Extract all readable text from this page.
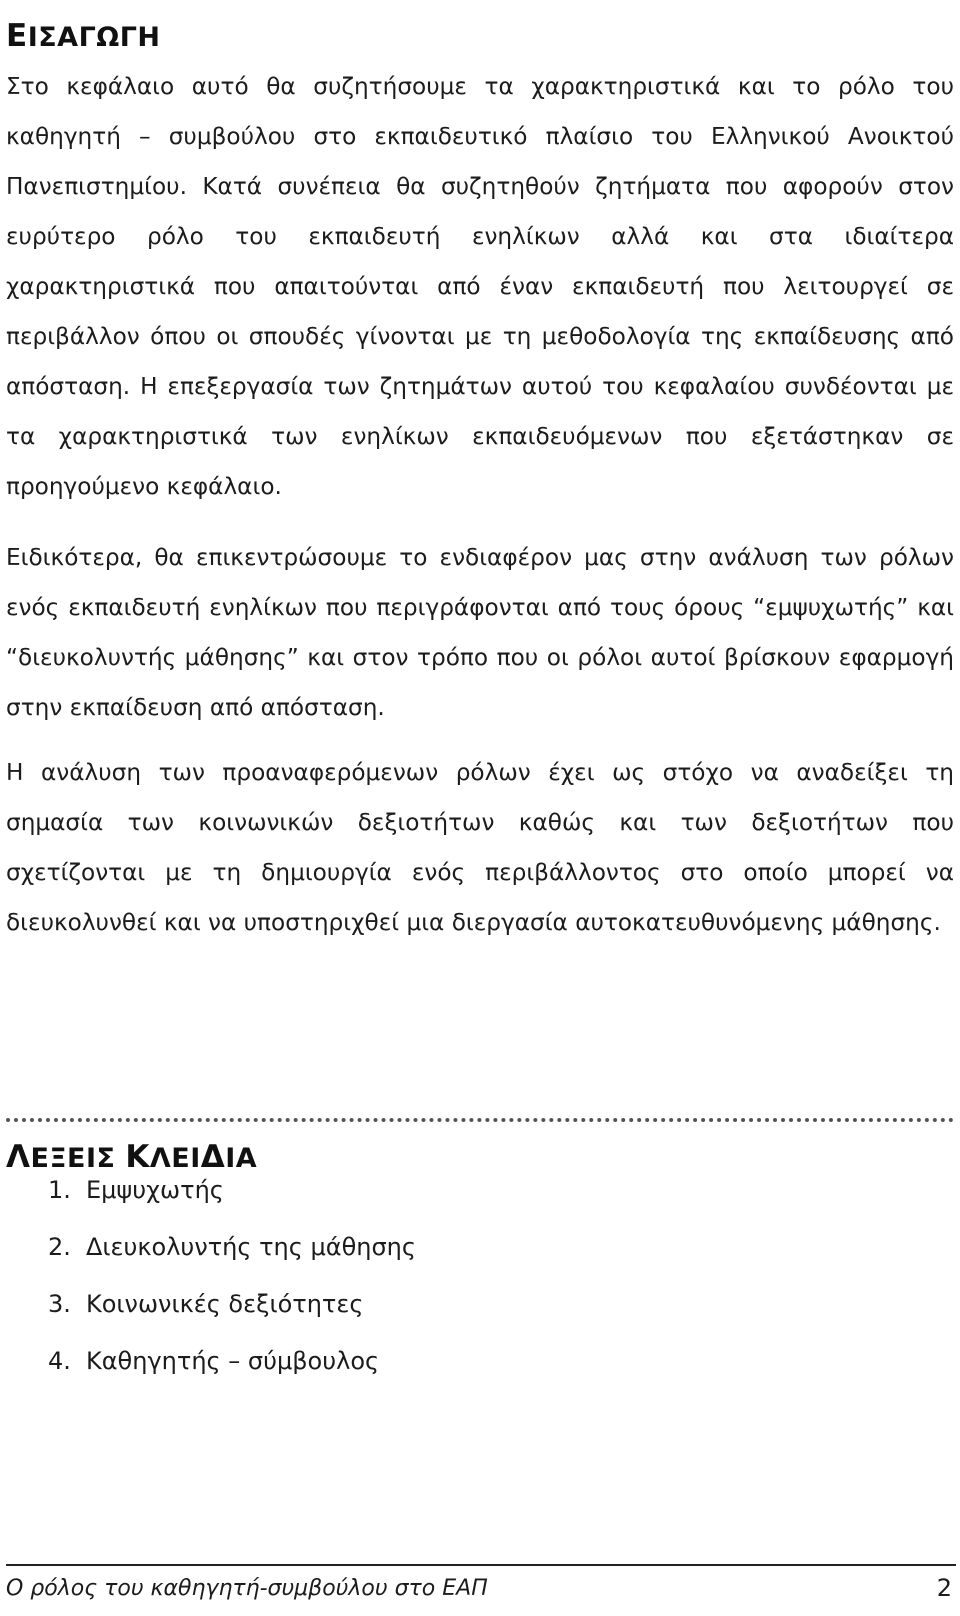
ΕΙΣΑΓΩΓΗ

Στο κεφάλαιο αυτό θα συζητήσουμε τα χαρακτηριστικά και το ρόλο του καθηγητή – συμβούλου στο εκπαιδευτικό πλαίσιο του Ελληνικού Ανοικτού Πανεπιστημίου. Κατά συνέπεια θα συζητηθούν ζητήματα που αφορούν στον ευρύτερο ρόλο του εκπαιδευτή ενηλίκων αλλά και στα ιδιαίτερα χαρακτηριστικά που απαιτούνται από έναν εκπαιδευτή που λειτουργεί σε περιβάλλον όπου οι σπουδές γίνονται με τη μεθοδολογία της εκπαίδευσης από απόσταση. Η επεξεργασία των ζητημάτων αυτού του κεφαλαίου συνδέονται με τα χαρακτηριστικά των ενηλίκων εκπαιδευόμενων που εξετάστηκαν σε προηγούμενο κεφάλαιο.

Ειδικότερα, θα επικεντρώσουμε το ενδιαφέρον μας στην ανάλυση των ρόλων ενός εκπαιδευτή ενηλίκων που περιγράφονται από τους όρους “εμψυχωτής” και “διευκολυντής μάθησης” και στον τρόπο που οι ρόλοι αυτοί βρίσκουν εφαρμογή στην εκπαίδευση από απόσταση.

Η ανάλυση των προαναφερόμενων ρόλων έχει ως στόχο να αναδείξει τη σημασία των κοινωνικών δεξιοτήτων καθώς και των δεξιοτήτων που σχετίζονται με τη δημιουργία ενός περιβάλλοντος στο οποίο μπορεί να διευκολυνθεί και να υποστηριχθεί μια διεργασία αυτοκατευθυνόμενης μάθησης.

ΛΕΞΕΙΣ ΚΛΕΙΔΙΑ
1. Εμψυχωτής
2. Διευκολυντής της μάθησης
3. Κοινωνικές δεξιότητες
4. Καθηγητής – σύμβουλος
Ο ρόλος του καθηγητή-συμβούλου στο ΕΑΠ	2
